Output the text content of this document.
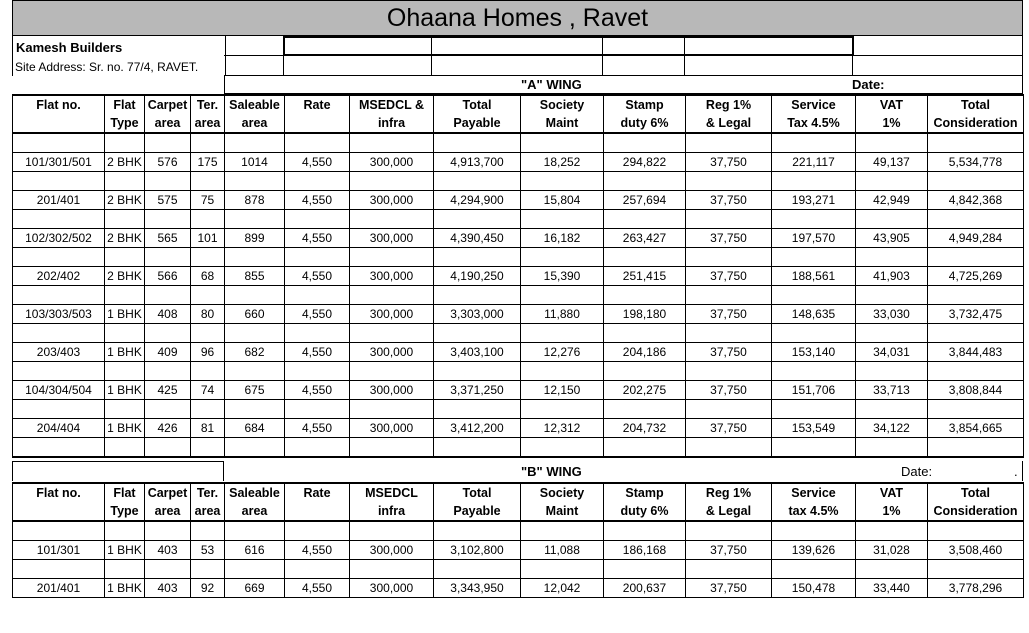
Ohaana Homes , Ravet
Kamesh Builders
Site Address: Sr. no. 77/4, RAVET.
"A" WING	Date:
Flat no.	Flat	Carpet	Ter.	Saleable	Rate	MSEDCL &	Total	Society	Stamp	Reg 1%	Service	VAT	Total
	Type	area	area	area		infra	Payable	Maint	duty 6%	& Legal	Tax 4.5%	1%	Consideration

101/301/501	2 BHK	576	175	1014	4,550	300,000	4,913,700	18,252	294,822	37,750	221,117	49,137	5,534,778

201/401	2 BHK	575	75	878	4,550	300,000	4,294,900	15,804	257,694	37,750	193,271	42,949	4,842,368

102/302/502	2 BHK	565	101	899	4,550	300,000	4,390,450	16,182	263,427	37,750	197,570	43,905	4,949,284

202/402	2 BHK	566	68	855	4,550	300,000	4,190,250	15,390	251,415	37,750	188,561	41,903	4,725,269

103/303/503	1 BHK	408	80	660	4,550	300,000	3,303,000	11,880	198,180	37,750	148,635	33,030	3,732,475

203/403	1 BHK	409	96	682	4,550	300,000	3,403,100	12,276	204,186	37,750	153,140	34,031	3,844,483

104/304/504	1 BHK	425	74	675	4,550	300,000	3,371,250	12,150	202,275	37,750	151,706	33,713	3,808,844

204/404	1 BHK	426	81	684	4,550	300,000	3,412,200	12,312	204,732	37,750	153,549	34,122	3,854,665

"B" WING	Date:	.
Flat no.	Flat	Carpet	Ter.	Saleable	Rate	MSEDCL	Total	Society	Stamp	Reg 1%	Service	VAT	Total
	Type	area	area	area		infra	Payable	Maint	duty 6%	& Legal	tax 4.5%	1%	Consideration

101/301	1 BHK	403	53	616	4,550	300,000	3,102,800	11,088	186,168	37,750	139,626	31,028	3,508,460

201/401	1 BHK	403	92	669	4,550	300,000	3,343,950	12,042	200,637	37,750	150,478	33,440	3,778,296
